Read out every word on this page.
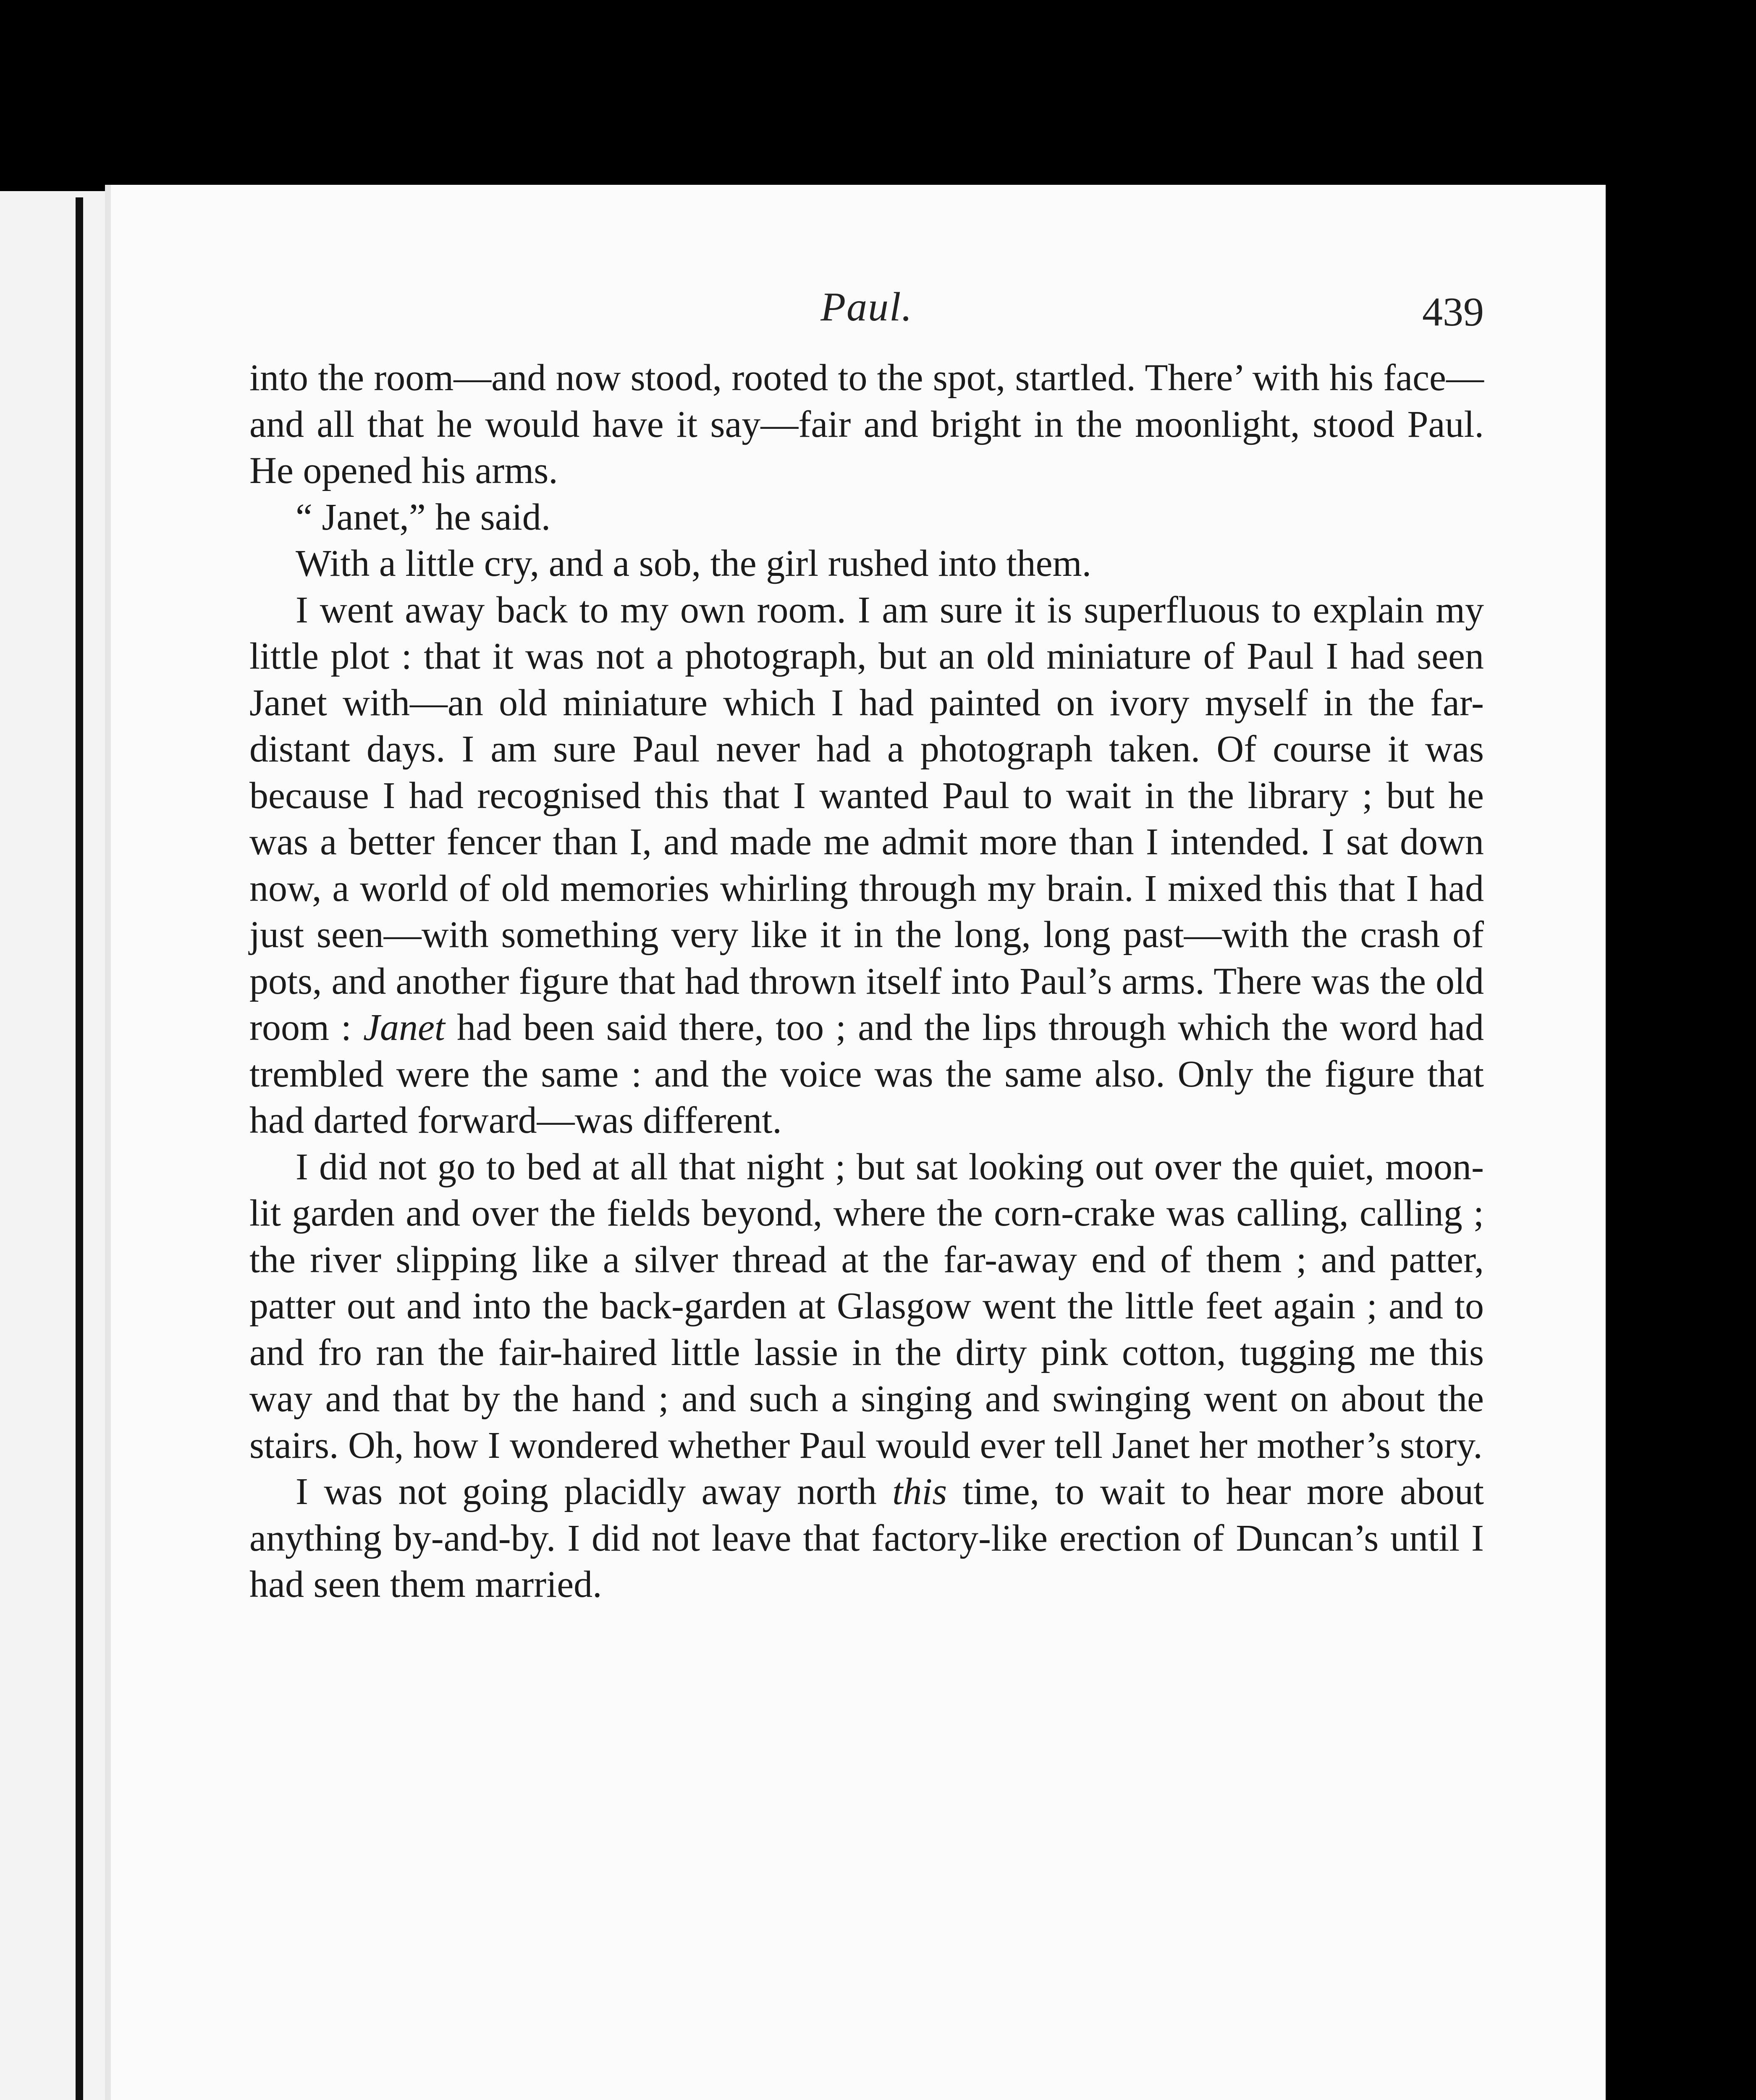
Paul.	439

into the room—and now stood, rooted to the spot, startled. There’ with his face—and all that he would have it say—fair and bright in the moonlight, stood Paul. He opened his arms.

“ Janet,” he said.

With a little cry, and a sob, the girl rushed into them.

I went away back to my own room. I am sure it is superfluous to explain my little plot : that it was not a photograph, but an old miniature of Paul I had seen Janet with—an old miniature which I had painted on ivory myself in the far-distant days. I am sure Paul never had a photograph taken. Of course it was because I had recognised this that I wanted Paul to wait in the library ; but he was a better fencer than I, and made me admit more than I intended. I sat down now, a world of old memories whirling through my brain. I mixed this that I had just seen—with something very like it in the long, long past—with the crash of pots, and another figure that had thrown itself into Paul’s arms. There was the old room : Janet had been said there, too ; and the lips through which the word had trembled were the same : and the voice was the same also. Only the figure that had darted forward—was different.

I did not go to bed at all that night ; but sat looking out over the quiet, moon-lit garden and over the fields beyond, where the corn-crake was calling, calling ; the river slipping like a silver thread at the far-away end of them ; and patter, patter out and into the back-garden at Glasgow went the little feet again ; and to and fro ran the fair-haired little lassie in the dirty pink cotton, tugging me this way and that by the hand ; and such a singing and swinging went on about the stairs. Oh, how I wondered whether Paul would ever tell Janet her mother’s story.

I was not going placidly away north this time, to wait to hear more about anything by-and-by. I did not leave that factory-like erection of Duncan’s until I had seen them married.
